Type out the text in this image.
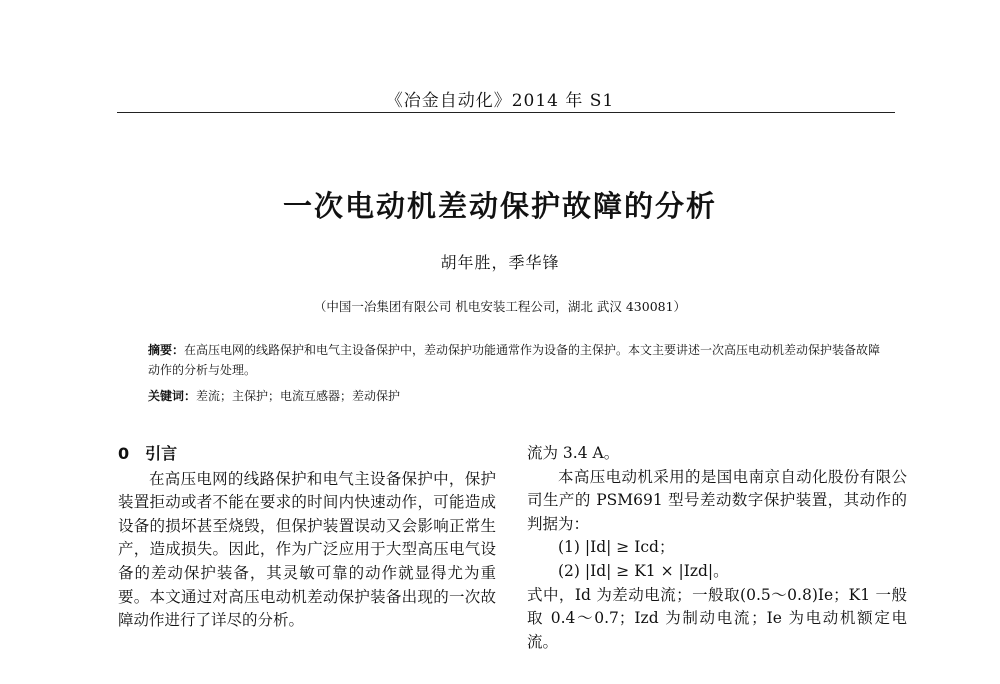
《冶金自动化》2014 年 S1
一次电动机差动保护故障的分析
胡年胜，季华锋
（中国一冶集团有限公司 机电安装工程公司，湖北 武汉 430081）
摘要：在高压电网的线路保护和电气主设备保护中，差动保护功能通常作为设备的主保护。本文主要讲述一次高压电动机差动保护装备故障动作的分析与处理。
关键词：差流；主保护；电流互感器；差动保护
0 引言

在高压电网的线路保护和电气主设备保护中，保护装置拒动或者不能在要求的时间内快速动作，可能造成设备的损坏甚至烧毁，但保护装置误动又会影响正常生产，造成损失。因此，作为广泛应用于大型高压电气设备的差动保护装备，其灵敏可靠的动作就显得尤为重要。本文通过对高压电动机差动保护装备出现的一次故障动作进行了详尽的分析。

流为 3.4 A。

本高压电动机采用的是国电南京自动化股份有限公司生产的 PSM691 型号差动数字保护装置，其动作的判据为：

(1) |Id| ≥ Icd；

(2) |Id| ≥ K1 × |Izd|。

式中，Id 为差动电流；一般取(0.5～0.8)Ie；K1 一般取 0.4～0.7；Izd 为制动电流；Ie 为电动机额定电流。
